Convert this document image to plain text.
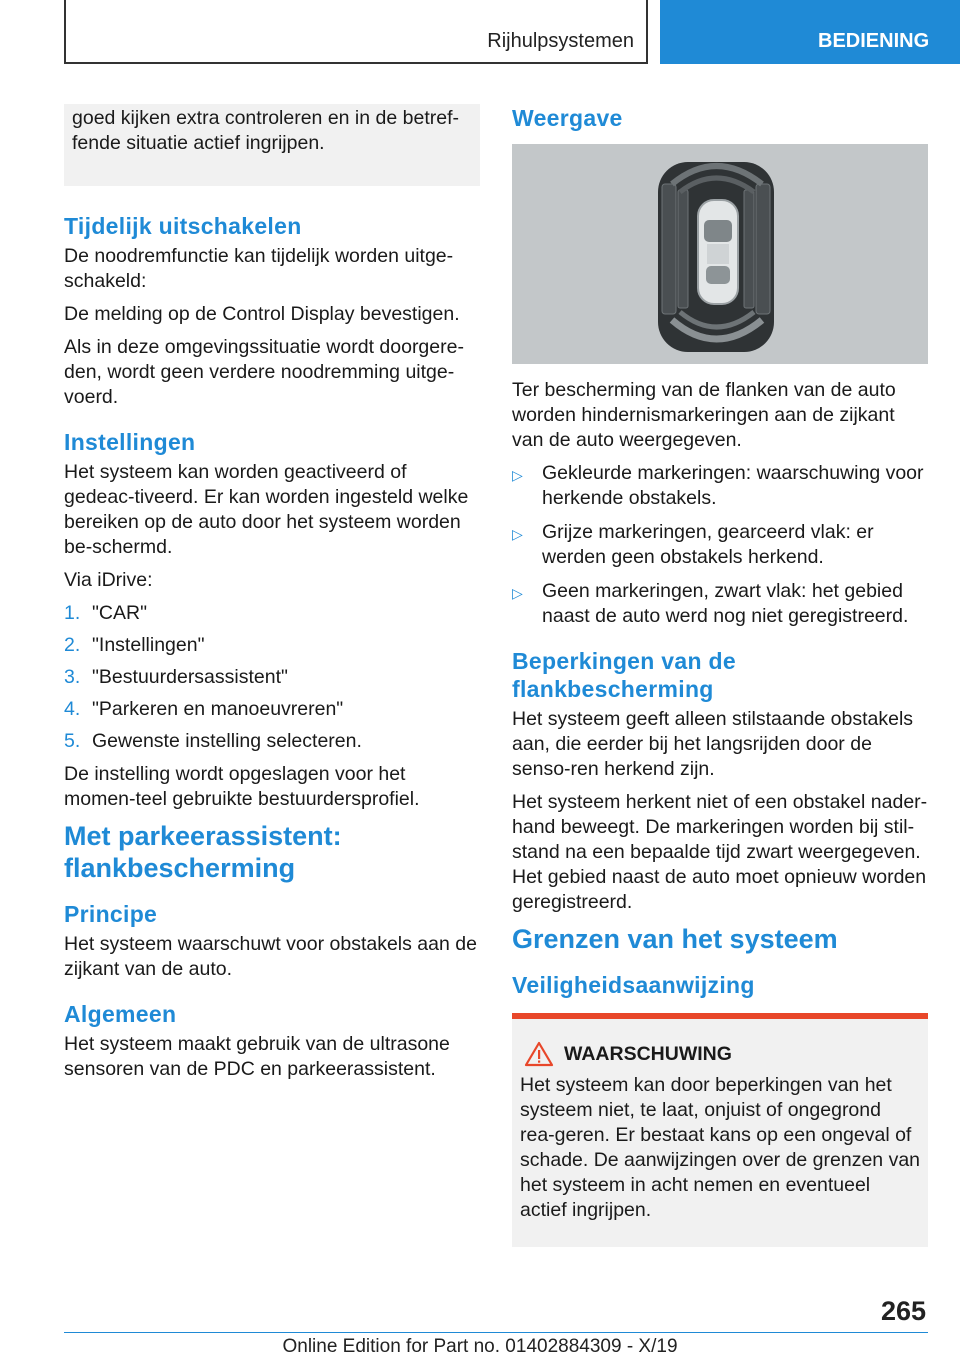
Rijhulpsystemen	BEDIENING

goed kijken extra controleren en in de betref-fende situatie actief ingrijpen.

Tijdelijk uitschakelen

De noodremfunctie kan tijdelijk worden uitge-schakeld:

De melding op de Control Display bevestigen.

Als in deze omgevingssituatie wordt doorgere-den, wordt geen verdere noodremming uitge-voerd.

Instellingen

Het systeem kan worden geactiveerd of gedeac-tiveerd. Er kan worden ingesteld welke bereiken op de auto door het systeem worden be-schermd.

Via iDrive:

1. "CAR"
2. "Instellingen"
3. "Bestuurdersassistent"
4. "Parkeren en manoeuvreren"
5. Gewenste instelling selecteren.

De instelling wordt opgeslagen voor het momen-teel gebruikte bestuurdersprofiel.

Met parkeerassistent: flankbescherming
Principe

Het systeem waarschuwt voor obstakels aan de zijkant van de auto.

Algemeen

Het systeem maakt gebruik van de ultrasone sensoren van de PDC en parkeerassistent.

Weergave

Ter bescherming van de flanken van de auto worden hindernismarkeringen aan de zijkant van de auto weergegeven.

▷ Gekleurde markeringen: waarschuwing voor herkende obstakels.
▷ Grijze markeringen, gearceerd vlak: er werden geen obstakels herkend.
▷ Geen markeringen, zwart vlak: het gebied naast de auto werd nog niet geregistreerd.
Beperkingen van de flankbescherming

Het systeem geeft alleen stilstaande obstakels aan, die eerder bij het langsrijden door de senso-ren herkend zijn.

Het systeem herkent niet of een obstakel nader-hand beweegt. De markeringen worden bij stil-stand na een bepaalde tijd zwart weergegeven. Het gebied naast de auto moet opnieuw worden geregistreerd.

Grenzen van het systeem
Veiligheidsaanwijzing
WAARSCHUWING

Het systeem kan door beperkingen van het systeem niet, te laat, onjuist of ongegrond rea-geren. Er bestaat kans op een ongeval of schade. De aanwijzingen over de grenzen van het systeem in acht nemen en eventueel actief ingrijpen.

265
Online Edition for Part no. 01402884309 - X/19
